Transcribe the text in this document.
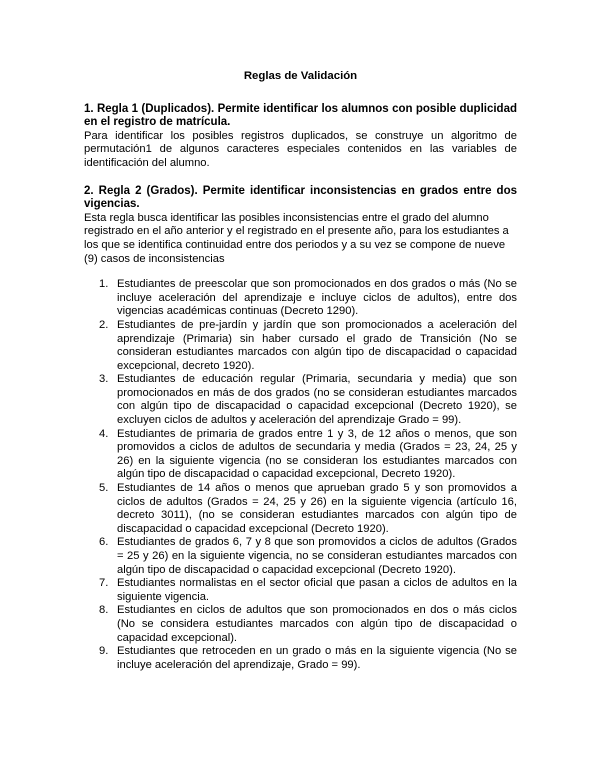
Reglas de Validación

1. Regla 1 (Duplicados). Permite identificar los alumnos con posible duplicidad en el registro de matrícula.

Para identificar los posibles registros duplicados, se construye un algoritmo de permutación1 de algunos caracteres especiales contenidos en las variables de identificación del alumno.

2. Regla 2 (Grados). Permite identificar inconsistencias en grados entre dos vigencias.

Esta regla busca identificar las posibles inconsistencias entre el grado del alumno registrado en el año anterior y el registrado en el presente año, para los estudiantes a los que se identifica continuidad entre dos periodos y a su vez se compone de nueve (9) casos de inconsistencias

1. Estudiantes de preescolar que son promocionados en dos grados o más (No se incluye aceleración del aprendizaje e incluye ciclos de adultos), entre dos vigencias académicas continuas (Decreto 1290).
2. Estudiantes de pre-jardín y jardín que son promocionados a aceleración del aprendizaje (Primaria) sin haber cursado el grado de Transición (No se consideran estudiantes marcados con algún tipo de discapacidad o capacidad excepcional, decreto 1920).
3. Estudiantes de educación regular (Primaria, secundaria y media) que son promocionados en más de dos grados (no se consideran estudiantes marcados con algún tipo de discapacidad o capacidad excepcional (Decreto 1920), se excluyen ciclos de adultos y aceleración del aprendizaje Grado = 99).
4. Estudiantes de primaria de grados entre 1 y 3, de 12 años o menos, que son promovidos a ciclos de adultos de secundaria y media (Grados = 23, 24, 25 y 26) en la siguiente vigencia (no se consideran los estudiantes marcados con algún tipo de discapacidad o capacidad excepcional, Decreto 1920).
5. Estudiantes de 14 años o menos que aprueban grado 5 y son promovidos a ciclos de adultos (Grados = 24, 25 y 26) en la siguiente vigencia (artículo 16, decreto 3011), (no se consideran estudiantes marcados con algún tipo de discapacidad o capacidad excepcional (Decreto 1920).
6. Estudiantes de grados 6, 7 y 8 que son promovidos a ciclos de adultos (Grados = 25 y 26) en la siguiente vigencia, no se consideran estudiantes marcados con algún tipo de discapacidad o capacidad excepcional (Decreto 1920).
7. Estudiantes normalistas en el sector oficial que pasan a ciclos de adultos en la siguiente vigencia.
8. Estudiantes en ciclos de adultos que son promocionados en dos o más ciclos (No se considera estudiantes marcados con algún tipo de discapacidad o capacidad excepcional).
9. Estudiantes que retroceden en un grado o más en la siguiente vigencia (No se incluye aceleración del aprendizaje, Grado = 99).
